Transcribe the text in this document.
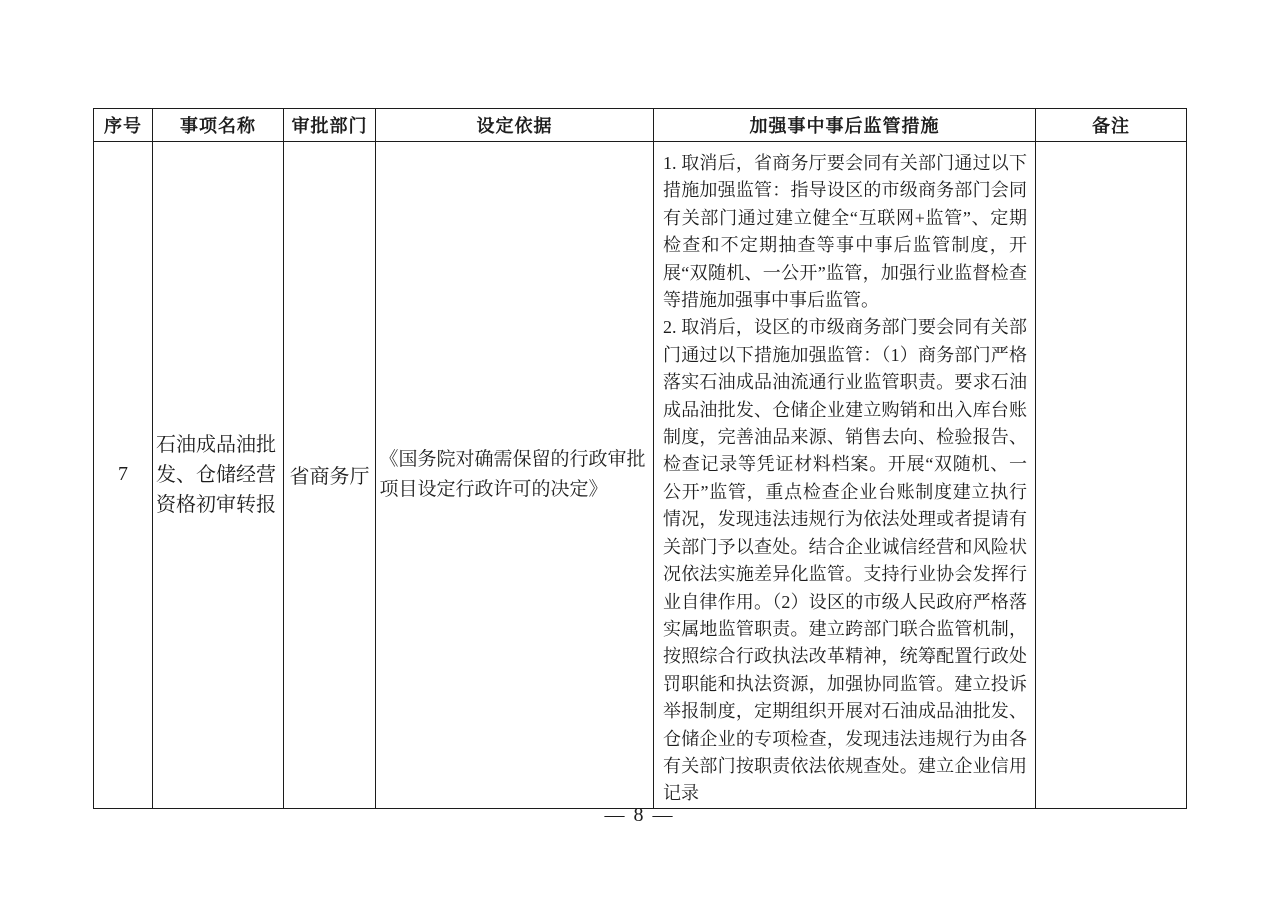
序号	事项名称	审批部门	设定依据	加强事中事后监管措施	备注
7	石油成品油批发、仓储经营资格初审转报	省商务厅	《国务院对确需保留的行政审批项目设定行政许可的决定》	1. 取消后，省商务厅要会同有关部门通过以下措施加强监管：指导设区的市级商务部门会同有关部门通过建立健全“互联网+监管”、定期检查和不定期抽查等事中事后监管制度，开展“双随机、一公开”监管，加强行业监督检查等措施加强事中事后监管。

2. 取消后，设区的市级商务部门要会同有关部门通过以下措施加强监管：（1）商务部门严格落实石油成品油流通行业监管职责。要求石油成品油批发、仓储企业建立购销和出入库台账制度，完善油品来源、销售去向、检验报告、检查记录等凭证材料档案。开展“双随机、一公开”监管，重点检查企业台账制度建立执行情况，发现违法违规行为依法处理或者提请有关部门予以查处。结合企业诚信经营和风险状况依法实施差异化监管。支持行业协会发挥行业自律作用。（2）设区的市级人民政府严格落实属地监管职责。建立跨部门联合监管机制，按照综合行政执法改革精神，统筹配置行政处罚职能和执法资源，加强协同监管。建立投诉举报制度，定期组织开展对石油成品油批发、仓储企业的专项检查，发现违法违规行为由各有关部门按职责依法依规查处。建立企业信用记录	

— 8 —
